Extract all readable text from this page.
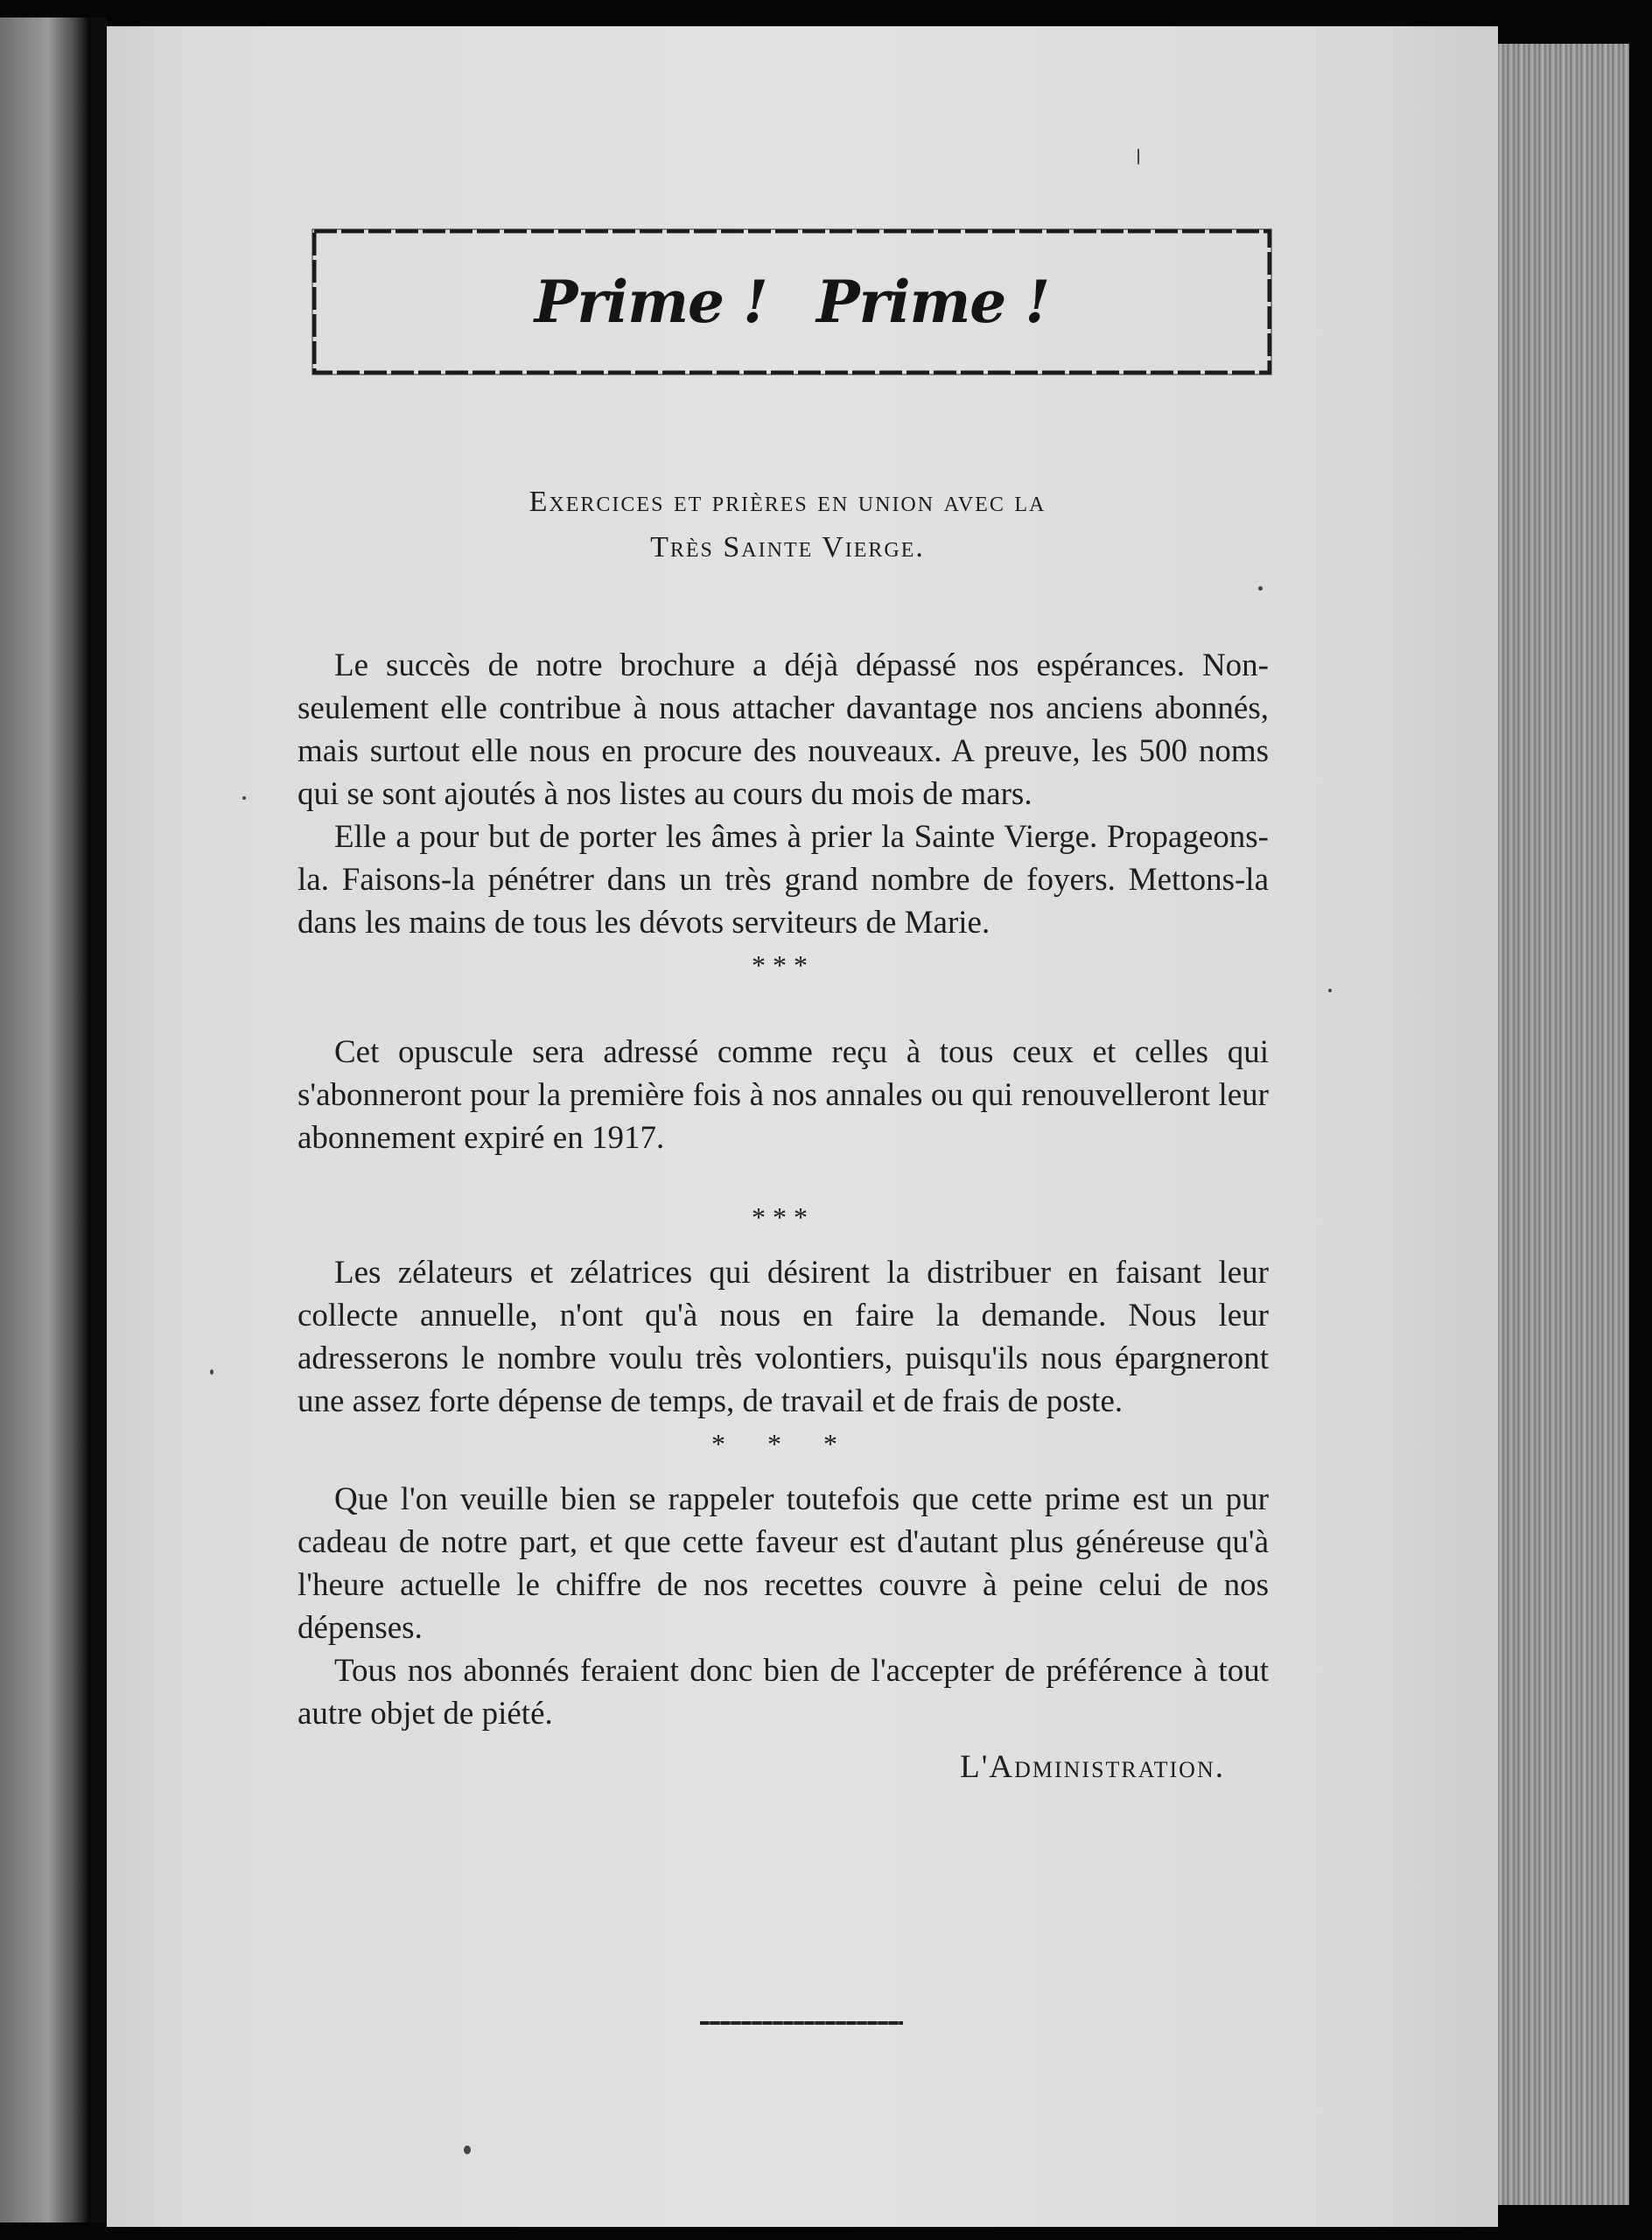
Prime ! Prime !
Exercices et prières en union avec la
Très Sainte Vierge.

Le succès de notre brochure a déjà dépassé nos espérances. Non-seulement elle contribue à nous attacher davantage nos anciens abonnés, mais surtout elle nous en procure des nouveaux. A preuve, les 500 noms qui se sont ajoutés à nos listes au cours du mois de mars.

Elle a pour but de porter les âmes à prier la Sainte Vierge. Propageons-la. Faisons-la pénétrer dans un très grand nombre de foyers. Mettons-la dans les mains de tous les dévots serviteurs de Marie.

***

Cet opuscule sera adressé comme reçu à tous ceux et celles qui s'abonneront pour la première fois à nos annales ou qui renouvelleront leur abonnement expiré en 1917.

***

Les zélateurs et zélatrices qui désirent la distribuer en faisant leur collecte annuelle, n'ont qu'à nous en faire la demande. Nous leur adresserons le nombre voulu très volontiers, puisqu'ils nous épargneront une assez forte dépense de temps, de travail et de frais de poste.

* * *

Que l'on veuille bien se rappeler toutefois que cette prime est un pur cadeau de notre part, et que cette faveur est d'autant plus généreuse qu'à l'heure actuelle le chiffre de nos recettes couvre à peine celui de nos dépenses.

Tous nos abonnés feraient donc bien de l'accepter de préférence à tout autre objet de piété.

L'Administration.
